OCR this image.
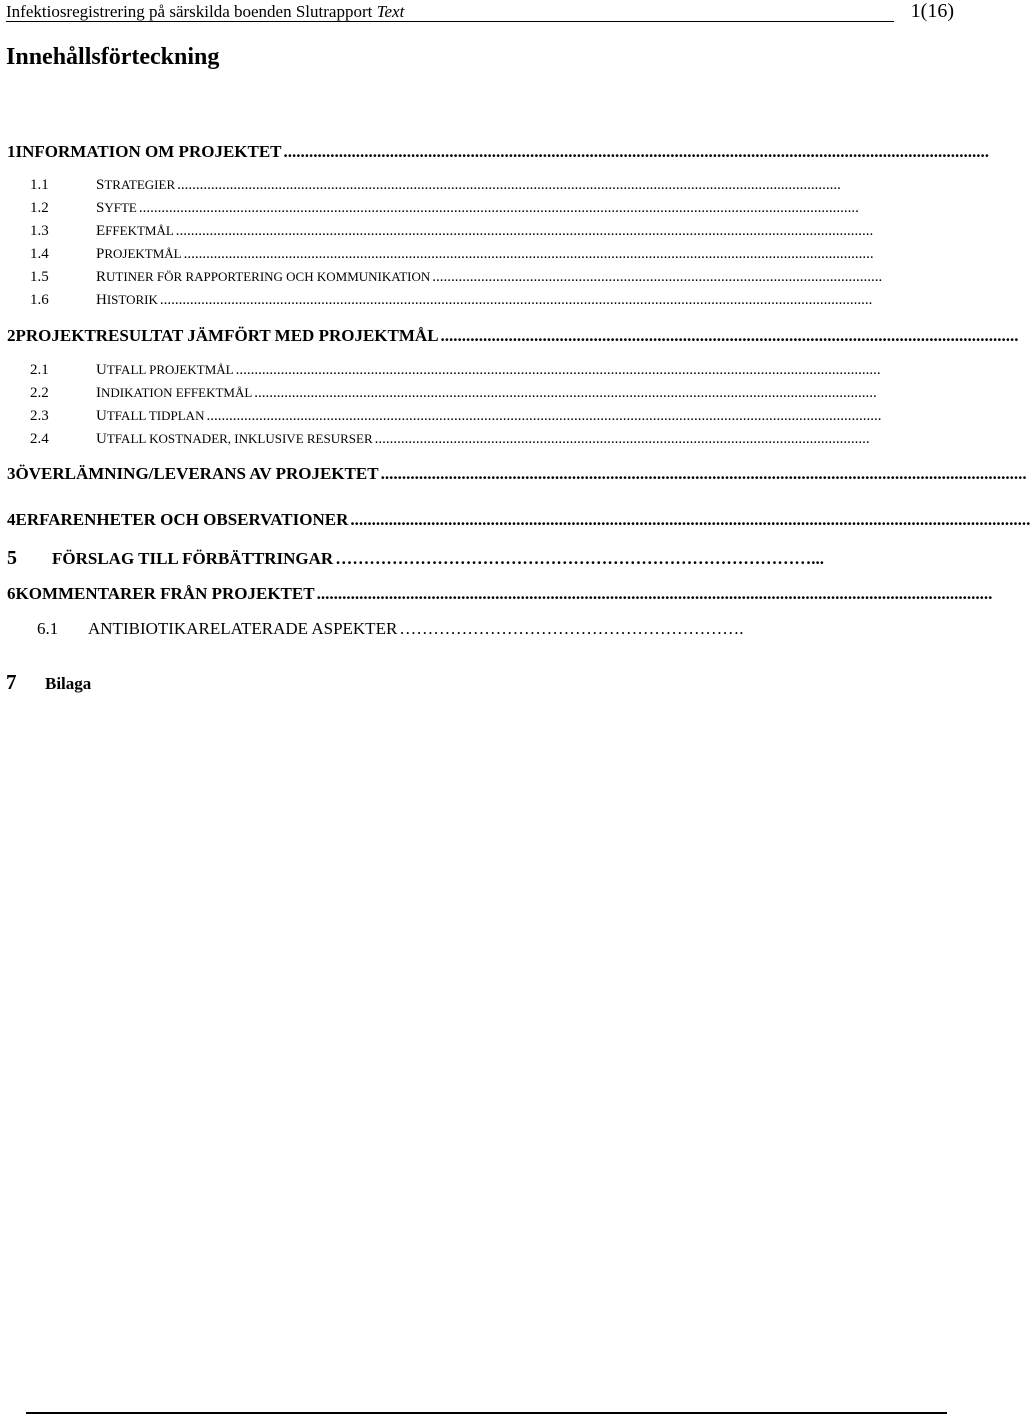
Infektiosregistrering på särskilda boenden Slutrapport Text	1(16)
Innehållsförteckning
1 INFORMATION OM PROJEKTET ......................................................................................................................................................................
1.1	STRATEGIER .................................................................................................................................................................................
1.2	SYFTE ................................................................................................................................................................................................
1.3	EFFEKTMÅL ..........................................................................................................................................................................................
1.4	PROJEKTMÅL ........................................................................................................................................................................................
1.5	RUTINER FÖR RAPPORTERING OCH KOMMUNIKATION ........................................................................................................................
1.6	HISTORIK ..............................................................................................................................................................................................
2 PROJEKTRESULTAT JÄMFÖRT MED PROJEKTMÅL ........................................................................................................................................
2.1	UTFALL PROJEKTMÅL ............................................................................................................................................................................
2.2	INDIKATION EFFEKTMÅL ......................................................................................................................................................................
2.3	UTFALL TIDPLAN ....................................................................................................................................................................................
2.4	UTFALL KOSTNADER, INKLUSIVE RESURSER ....................................................................................................................................
3 ÖVERLÄMNING/LEVERANS AV PROJEKTET ........................................................................................................................................................
4 ERFARENHETER OCH OBSERVATIONER ................................................................................................................................................................
5	FÖRSLAG TILL FÖRBÄTTRINGAR …………………………………………………………………………...
6 KOMMENTARER FRÅN PROJEKTET ...............................................................................................................................................................
6.1	ANTIBIOTIKARELATERADE ASPEKTER …………………………………………………….
7	Bilaga
